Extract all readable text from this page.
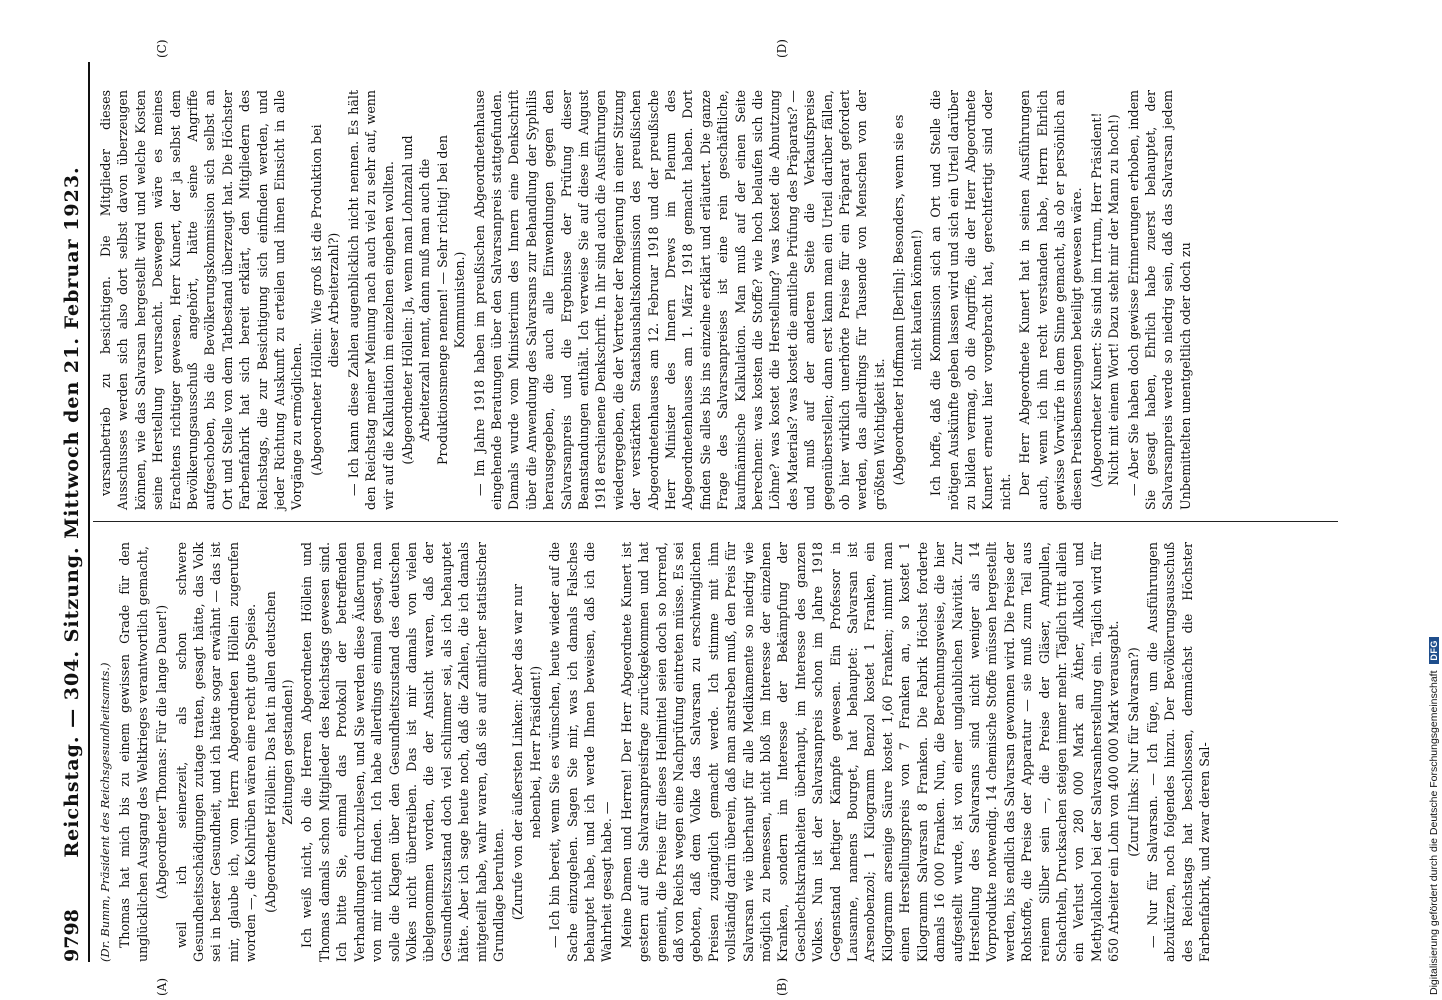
9798
Reichstag. — 304. Sitzung. Mittwoch den 21. Februar 1923. (Dr. Bumm, Präsident des Reichsgesundheitsamts.) Thomas hat mich bis zu einem gewissen Grade für den unglücklichen Ausgang des Weltkrieges verantwortlich gemacht, (Abgeordneter Thomas: Für die lange Dauer!) weil ich seinerzeit, als schon schwere Gesundheitsschädigungen zutage traten, gesagt hätte, das Volk sei in bester Gesundheit, und ich hätte sogar erwähnt — das ist mir, glaube ich, vom Herrn Abgeordneten Höllein zugerufen worden —, die Kohlrüben wären eine recht gute Speise. (Abgeordneter Höllein: Das hat in allen deutschen Zeitungen gestanden!) Ich weiß nicht, ob die Herren Abgeordneten Höllein und Thomas damals schon Mitglieder des Reichstags gewesen sind. Ich bitte Sie, einmal das Protokoll der betreffenden Verhandlungen durchzulesen, und Sie werden diese Äußerungen von mir nicht finden. Ich habe allerdings einmal gesagt, man solle die Klagen über den Gesundheitszustand des deutschen Volkes nicht übertreiben. Das ist mir damals von vielen übelgenommen worden, die der Ansicht waren, daß der Gesundheitszustand doch viel schlimmer sei, als ich behauptet hätte. Aber ich sage heute noch, daß die Zahlen, die ich damals mitgeteilt habe, wahr waren, daß sie auf amtlicher statistischer Grundlage beruhten. (Zurufe von der äußersten Linken: Aber das war nur nebenbei, Herr Präsident!) — Ich bin bereit, wenn Sie es wünschen, heute wieder auf die Sache einzugehen. Sagen Sie mir, was ich damals Falsches behauptet habe, und ich werde Ihnen beweisen, daß ich die Wahrheit gesagt habe. — Meine Damen und Herren! Der Herr Abgeordnete Kunert ist gestern auf die Salvarsanpreisfrage zurückgekommen und hat gemeint, die Preise für dieses Heilmittel seien doch so horrend, daß von Reichs wegen eine Nachprüfung eintreten müsse. Es sei geboten, daß dem Volke das Salvarsan zu erschwinglichen Preisen zugänglich gemacht werde. Ich stimme mit ihm vollständig darin überein, daß man anstreben muß, den Preis für Salvarsan wie überhaupt für alle Medikamente so niedrig wie möglich zu bemessen, nicht bloß im Interesse der einzelnen Kranken, sondern im Interesse der Bekämpfung der Geschlechtskrankheiten überhaupt, im Interesse des ganzen Volkes. Nun ist der Salvarsanpreis schon im Jahre 1918 Gegenstand heftiger Kämpfe gewesen. Ein Professor in Lausanne, namens Bourget, hat behauptet: Salvarsan ist Arsenobenzol; 1 Kilogramm Benzol kostet 1 Franken, ein Kilogramm arsenige Säure kostet 1,60 Franken; nimmt man einen Herstellungspreis von 7 Franken an, so kostet 1 Kilogramm Salvarsan 8 Franken. Die Fabrik Höchst forderte damals 16 000 Franken. Nun, die Berechnungsweise, die hier aufgestellt wurde, ist von einer unglaublichen Naivität. Zur Herstellung des Salvarsans sind nicht weniger als 14 Vorprodukte notwendig. 14 chemische Stoffe müssen hergestellt werden, bis endlich das Salvarsan gewonnen wird. Die Preise der Rohstoffe, die Preise der Apparatur — sie muß zum Teil aus reinem Silber sein —, die Preise der Gläser, Ampullen, Schachteln, Drucksachen steigen immer mehr. Täglich tritt allein ein Verlust von 280 000 Mark an Äther, Alkohol und Methylalkohol bei der Salvarsanherstellung ein. Täglich wird für 650 Arbeiter ein Lohn von 400 000 Mark verausgabt. (Zuruf links: Nur für Salvarsan?) — Nur für Salvarsan. — Ich füge, um die Ausführungen abzukürzen, noch folgendes hinzu. Der Bevölkerungsausschuß des Reichstags hat beschlossen, demnächst die Höchster Farbenfabrik, und zwar deren Sal-

varsanbetrieb zu besichtigen. Die Mitglieder dieses Ausschusses werden sich also dort selbst davon überzeugen können, wie das Salvarsan hergestellt wird und welche Kosten seine Herstellung verursacht. Deswegen wäre es meines Erachtens richtiger gewesen, Herr Kunert, der ja selbst dem Bevölkerungsausschuß angehört, hätte seine Angriffe aufgeschoben, bis die Bevölkerungskommission sich selbst an Ort und Stelle von dem Tatbestand überzeugt hat. Die Höchster Farbenfabrik hat sich bereit erklärt, den Mitgliedern des Reichstags, die zur Besichtigung sich einfinden werden, und jeder Richtung Auskunft zu erteilen und ihnen Einsicht in alle Vorgänge zu ermöglichen. (Abgeordneter Höllein: Wie groß ist die Produktion bei dieser Arbeiterzahl?) — Ich kann diese Zahlen augenblicklich nicht nennen. Es hält den Reichstag meiner Meinung nach auch viel zu sehr auf, wenn wir auf die Kalkulation im einzelnen eingehen wollten. (Abgeordneter Höllein: Ja, wenn man Lohnzahl und Arbeiterzahl nennt, dann muß man auch die Produktionsmenge nennen! — Sehr richtig! bei den Kommunisten.) — Im Jahre 1918 haben im preußischen Abgeordnetenhause eingehende Beratungen über den Salvarsanpreis stattgefunden. Damals wurde vom Ministerium des Innern eine Denkschrift über die Anwendung des Salvarsans zur Behandlung der Syphilis herausgegeben, die auch alle Einwendungen gegen den Salvarsanpreis und die Ergebnisse der Prüfung dieser Beanstandungen enthält. Ich verweise Sie auf diese im August 1918 erschienene Denkschrift. In ihr sind auch die Ausführungen wiedergegeben, die der Vertreter der Regierung in einer Sitzung der verstärkten Staatshaushaltskommission des preußischen Abgeordnetenhauses am 12. Februar 1918 und der preußische Herr Minister des Innern Drews im Plenum des Abgeordnetenhauses am 1. März 1918 gemacht haben. Dort finden Sie alles bis ins einzelne erklärt und erläutert. Die ganze Frage des Salvarsanpreises ist eine rein geschäftliche, kaufmännische Kalkulation. Man muß auf der einen Seite berechnen: was kosten die Stoffe? wie hoch belaufen sich die Löhne? was kostet die Herstellung? was kostet die Abnutzung des Materials? was kostet die amtliche Prüfung des Präparats? — und muß auf der anderen Seite die Verkaufspreise gegenüberstellen; dann erst kann man ein Urteil darüber fällen, ob hier wirklich unerhörte Preise für ein Präparat gefordert werden, das allerdings für Tausende von Menschen von der größten Wichtigkeit ist. (Abgeordneter Hoffmann [Berlin]: Besonders, wenn sie es nicht kaufen können!) Ich hoffe, daß die Kommission sich an Ort und Stelle die nötigen Auskünfte geben lassen wird und sich ein Urteil darüber zu bilden vermag, ob die Angriffe, die der Herr Abgeordnete Kunert erneut hier vorgebracht hat, gerechtfertigt sind oder nicht. Der Herr Abgeordnete Kunert hat in seinen Ausführungen auch, wenn ich ihn recht verstanden habe, Herrn Ehrlich gewisse Vorwürfe in dem Sinne gemacht, als ob er persönlich an diesen Preisbemessungen beteiligt gewesen wäre. (Abgeordneter Kunert: Sie sind im Irrtum, Herr Präsident! Nicht mit einem Wort! Dazu steht mir der Mann zu hoch!) — Aber Sie haben doch gewisse Erinnerungen erhoben, indem Sie gesagt haben, Ehrlich habe zuerst behauptet, der Salvarsanpreis werde so niedrig sein, daß das Salvarsan jedem Unbemittelten unentgeltlich oder doch zu

(A)	(B)
(C)	(D)
Digitalisierung gefördert durch die Deutsche Forschungsgemeinschaft DFG
